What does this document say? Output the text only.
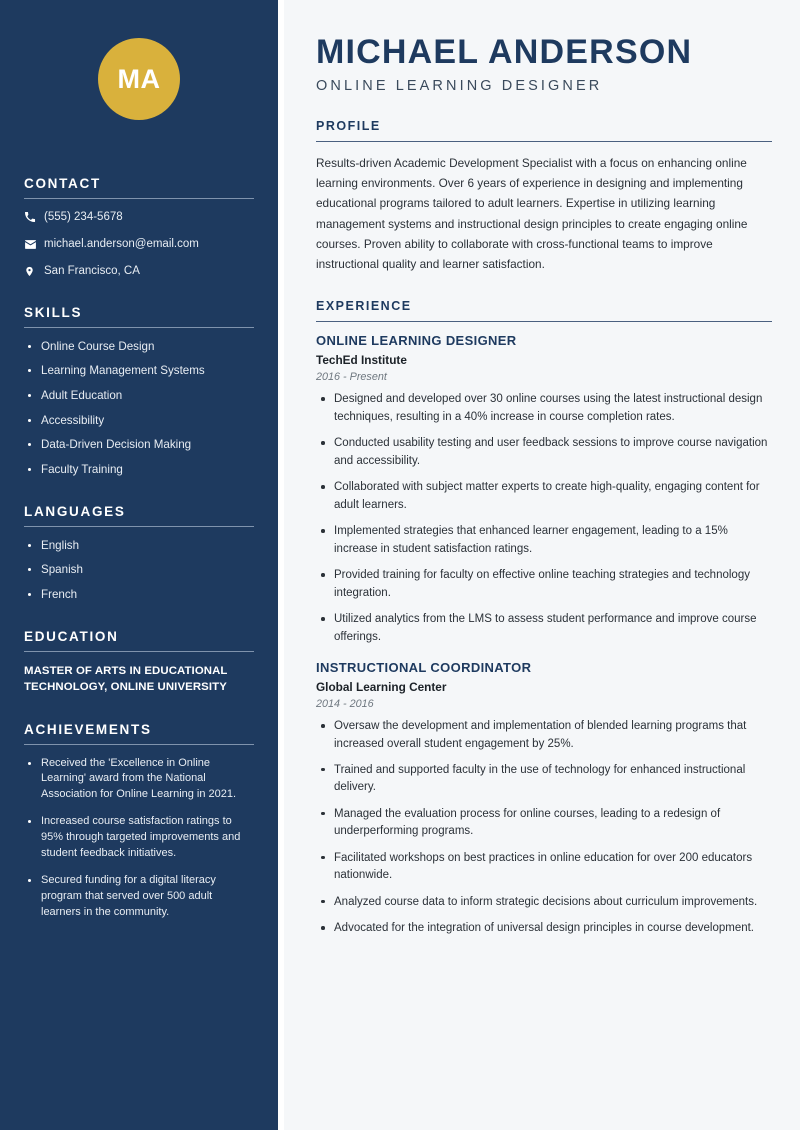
MA
CONTACT
(555) 234-5678
michael.anderson@email.com
San Francisco, CA
SKILLS
Online Course Design
Learning Management Systems
Adult Education
Accessibility
Data-Driven Decision Making
Faculty Training
LANGUAGES
English
Spanish
French
EDUCATION
MASTER OF ARTS IN EDUCATIONAL TECHNOLOGY, ONLINE UNIVERSITY
ACHIEVEMENTS
Received the 'Excellence in Online Learning' award from the National Association for Online Learning in 2021.
Increased course satisfaction ratings to 95% through targeted improvements and student feedback initiatives.
Secured funding for a digital literacy program that served over 500 adult learners in the community.
MICHAEL ANDERSON
ONLINE LEARNING DESIGNER
PROFILE

Results-driven Academic Development Specialist with a focus on enhancing online learning environments. Over 6 years of experience in designing and implementing educational programs tailored to adult learners. Expertise in utilizing learning management systems and instructional design principles to create engaging online courses. Proven ability to collaborate with cross-functional teams to improve instructional quality and learner satisfaction.

EXPERIENCE
ONLINE LEARNING DESIGNER
TechEd Institute
2016 - Present
Designed and developed over 30 online courses using the latest instructional design techniques, resulting in a 40% increase in course completion rates.
Conducted usability testing and user feedback sessions to improve course navigation and accessibility.
Collaborated with subject matter experts to create high-quality, engaging content for adult learners.
Implemented strategies that enhanced learner engagement, leading to a 15% increase in student satisfaction ratings.
Provided training for faculty on effective online teaching strategies and technology integration.
Utilized analytics from the LMS to assess student performance and improve course offerings.
INSTRUCTIONAL COORDINATOR
Global Learning Center
2014 - 2016
Oversaw the development and implementation of blended learning programs that increased overall student engagement by 25%.
Trained and supported faculty in the use of technology for enhanced instructional delivery.
Managed the evaluation process for online courses, leading to a redesign of underperforming programs.
Facilitated workshops on best practices in online education for over 200 educators nationwide.
Analyzed course data to inform strategic decisions about curriculum improvements.
Advocated for the integration of universal design principles in course development.
